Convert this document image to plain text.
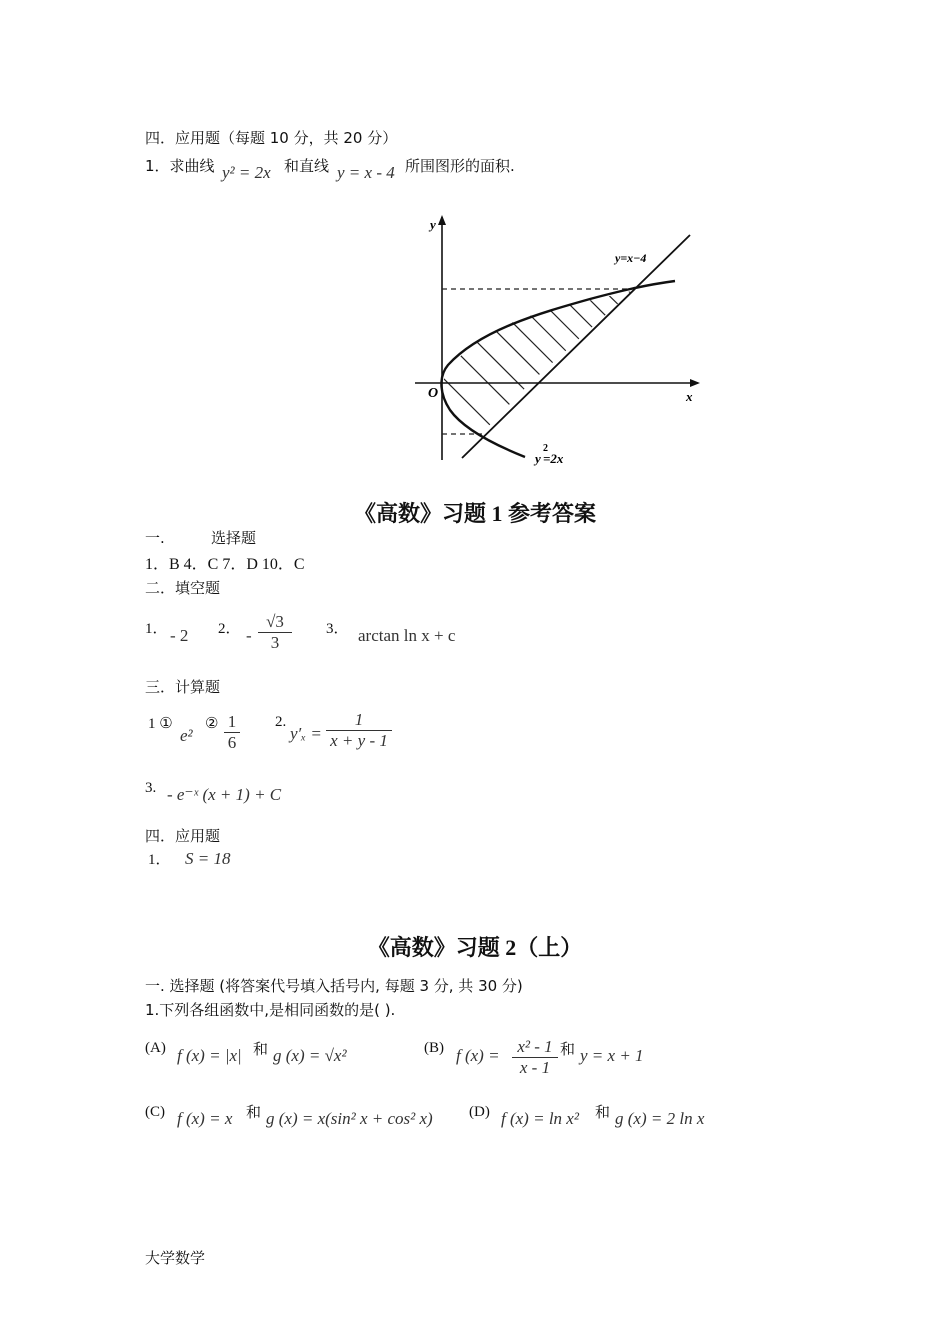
四．应用题（每题 10 分，共 20 分）
1．求曲线 y² = 2x 和直线 y = x - 4 所围图形的面积.
y
x
O
y=x−4
y
2
=2x
《高数》习题 1 参考答案
一.	选择题
1．B 4．C 7．D 10．C
二．填空题
1． - 2 2． - $\frac{√3}{3} 3$． arctan ln x + c
三．计算题
1 ①
e²
② $\frac{1}{6} 2$.
$y'_x = \frac{1}{x + y - 1}$
3. - e⁻ˣ (x + 1) + C
四．应用题
1． S = 18
《高数》习题 2（上）
一. 选择题 (将答案代号填入括号内, 每题 3 分, 共 30 分)
1.下列各组函数中,是相同函数的是( ).
(A) f (x) = |x| 和 g (x) = √x²	(B) f $(x) = \frac{\text{x² - 1}}{x - 1}$ 和 y = x + 1
(C) f (x) = x 和 g (x) = x(sin² x + cos² x) (D) f (x) = ln x² 和 g (x) = 2 ln x
大学数学
